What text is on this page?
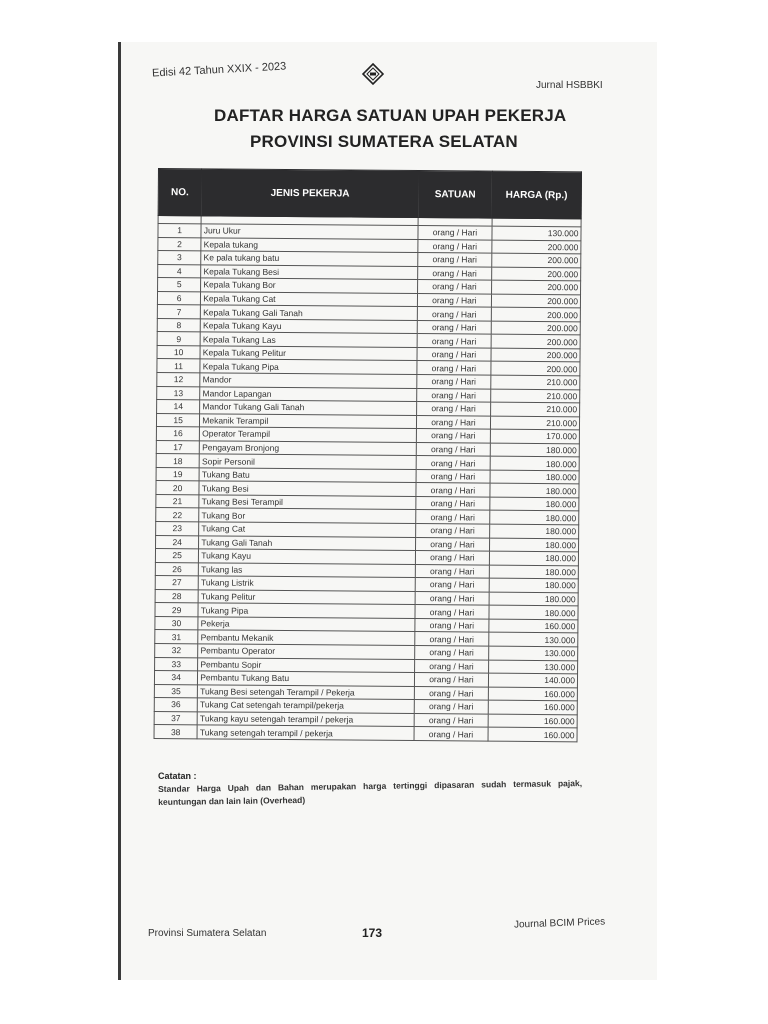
Edisi 42 Tahun XXIX - 2023
Jurnal HSBBKI
DAFTAR HARGA SATUAN UPAH PEKERJA
PROVINSI SUMATERA SELATAN
NO.	JENIS PEKERJA	SATUAN	HARGA (Rp.)

1	Juru Ukur	orang / Hari	130.000
2	Kepala tukang	orang / Hari	200.000
3	Ke pala tukang batu	orang / Hari	200.000
4	Kepala Tukang Besi	orang / Hari	200.000
5	Kepala Tukang Bor	orang / Hari	200.000
6	Kepala Tukang Cat	orang / Hari	200.000
7	Kepala Tukang Gali Tanah	orang / Hari	200.000
8	Kepala Tukang Kayu	orang / Hari	200.000
9	Kepala Tukang Las	orang / Hari	200.000
10	Kepala Tukang Pelitur	orang / Hari	200.000
11	Kepala Tukang Pipa	orang / Hari	200.000
12	Mandor	orang / Hari	210.000
13	Mandor Lapangan	orang / Hari	210.000
14	Mandor Tukang Gali Tanah	orang / Hari	210.000
15	Mekanik Terampil	orang / Hari	210.000
16	Operator Terampil	orang / Hari	170.000
17	Pengayam Bronjong	orang / Hari	180.000
18	Sopir Personil	orang / Hari	180.000
19	Tukang Batu	orang / Hari	180.000
20	Tukang Besi	orang / Hari	180.000
21	Tukang Besi Terampil	orang / Hari	180.000
22	Tukang Bor	orang / Hari	180.000
23	Tukang Cat	orang / Hari	180.000
24	Tukang Gali Tanah	orang / Hari	180.000
25	Tukang Kayu	orang / Hari	180.000
26	Tukang las	orang / Hari	180.000
27	Tukang Listrik	orang / Hari	180.000
28	Tukang Pelitur	orang / Hari	180.000
29	Tukang Pipa	orang / Hari	180.000
30	Pekerja	orang / Hari	160.000
31	Pembantu Mekanik	orang / Hari	130.000
32	Pembantu Operator	orang / Hari	130.000
33	Pembantu Sopir	orang / Hari	130.000
34	Pembantu Tukang Batu	orang / Hari	140.000
35	Tukang Besi setengah Terampil / Pekerja	orang / Hari	160.000
36	Tukang Cat setengah terampil/pekerja	orang / Hari	160.000
37	Tukang kayu setengah terampil / pekerja	orang / Hari	160.000
38	Tukang setengah terampil / pekerja	orang / Hari	160.000
Catatan :
Standar Harga Upah dan Bahan merupakan harga tertinggi dipasaran sudah termasuk pajak, keuntungan dan lain lain (Overhead)
Provinsi Sumatera Selatan	173
Journal BCIM Prices
